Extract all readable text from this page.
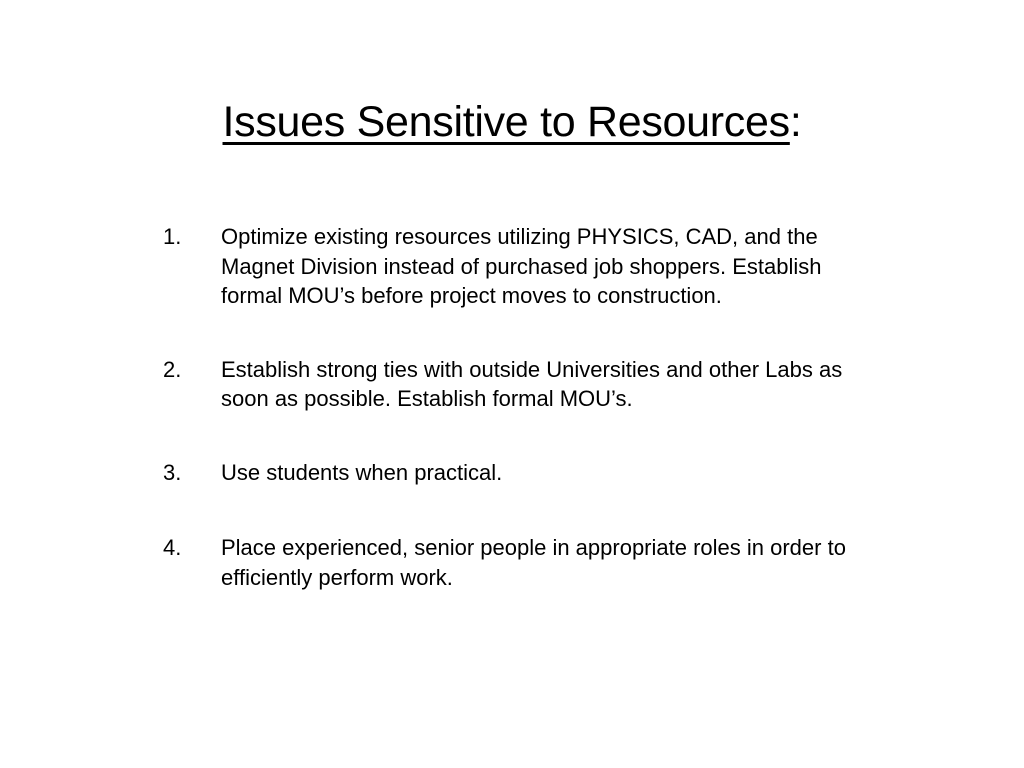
Issues Sensitive to Resources:
1.	Optimize existing resources utilizing PHYSICS, CAD, and the Magnet Division instead of purchased job shoppers. Establish formal MOU’s before project moves to construction.
2.	Establish strong ties with outside Universities and other Labs as soon as possible. Establish formal MOU’s.
3.	Use students when practical.
4.	Place experienced, senior people in appropriate roles in order to efficiently perform work.
